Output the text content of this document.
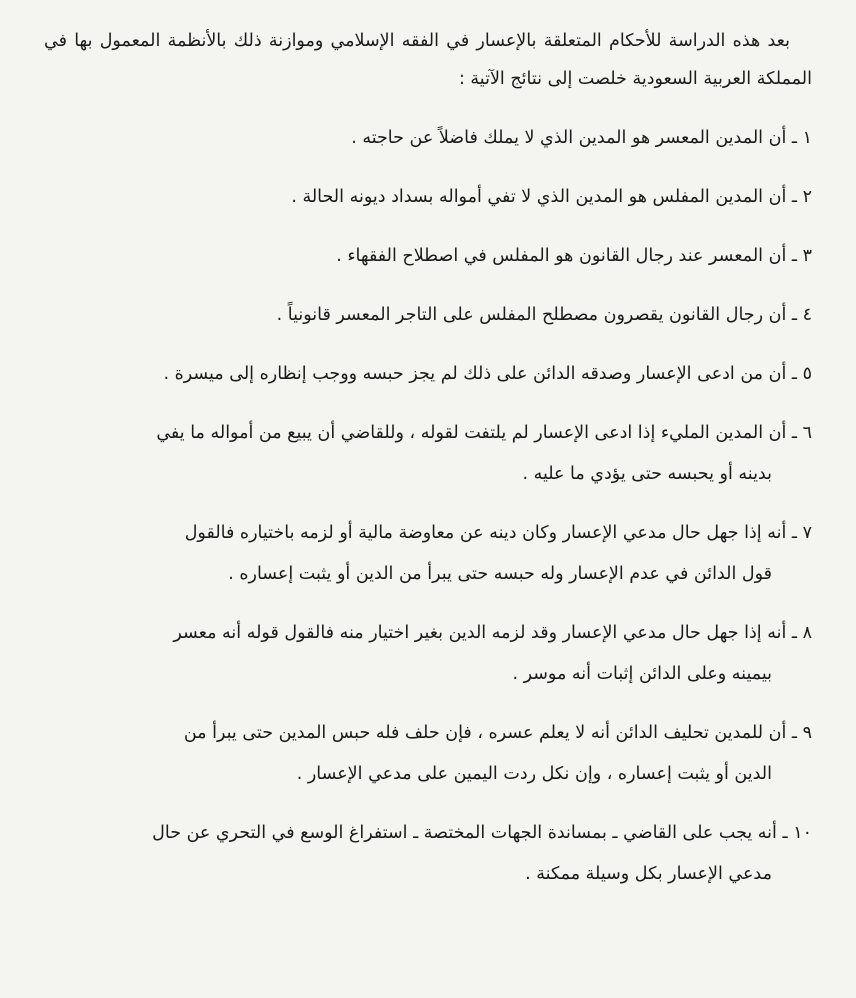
بعد هذه الدراسة للأحكام المتعلقة بالإعسار في الفقه الإسلامي وموازنة ذلك بالأنظمة المعمول بها في المملكة العربية السعودية خلصت إلى نتائج الآتية :

١ ـ أن المدين المعسر هو المدين الذي لا يملك فاضلاً عن حاجته .

٢ ـ أن المدين المفلس هو المدين الذي لا تفي أمواله بسداد ديونه الحالة .

٣ ـ أن المعسر عند رجال القانون هو المفلس في اصطلاح الفقهاء .

٤ ـ أن رجال القانون يقصرون مصطلح المفلس على التاجر المعسر قانونياً .

٥ ـ أن من ادعى الإعسار وصدقه الدائن على ذلك لم يجز حبسه ووجب إنظاره إلى ميسرة .

٦ ـ أن المدين المليء إذا ادعى الإعسار لم يلتفت لقوله ، وللقاضي أن يبيع من أمواله ما يفي

بدينه أو يحبسه حتى يؤدي ما عليه .

٧ ـ أنه إذا جهل حال مدعي الإعسار وكان دينه عن معاوضة مالية أو لزمه باختياره فالقول

قول الدائن في عدم الإعسار وله حبسه حتى يبرأ من الدين أو يثبت إعساره .

٨ ـ أنه إذا جهل حال مدعي الإعسار وقد لزمه الدين بغير اختيار منه فالقول قوله أنه معسر

بيمينه وعلى الدائن إثبات أنه موسر .

٩ ـ أن للمدين تحليف الدائن أنه لا يعلم عسره ، فإن حلف فله حبس المدين حتى يبرأ من

الدين أو يثبت إعساره ، وإن نكل ردت اليمين على مدعي الإعسار .

١٠ ـ أنه يجب على القاضي ـ بمساندة الجهات المختصة ـ استفراغ الوسع في التحري عن حال

مدعي الإعسار بكل وسيلة ممكنة .
